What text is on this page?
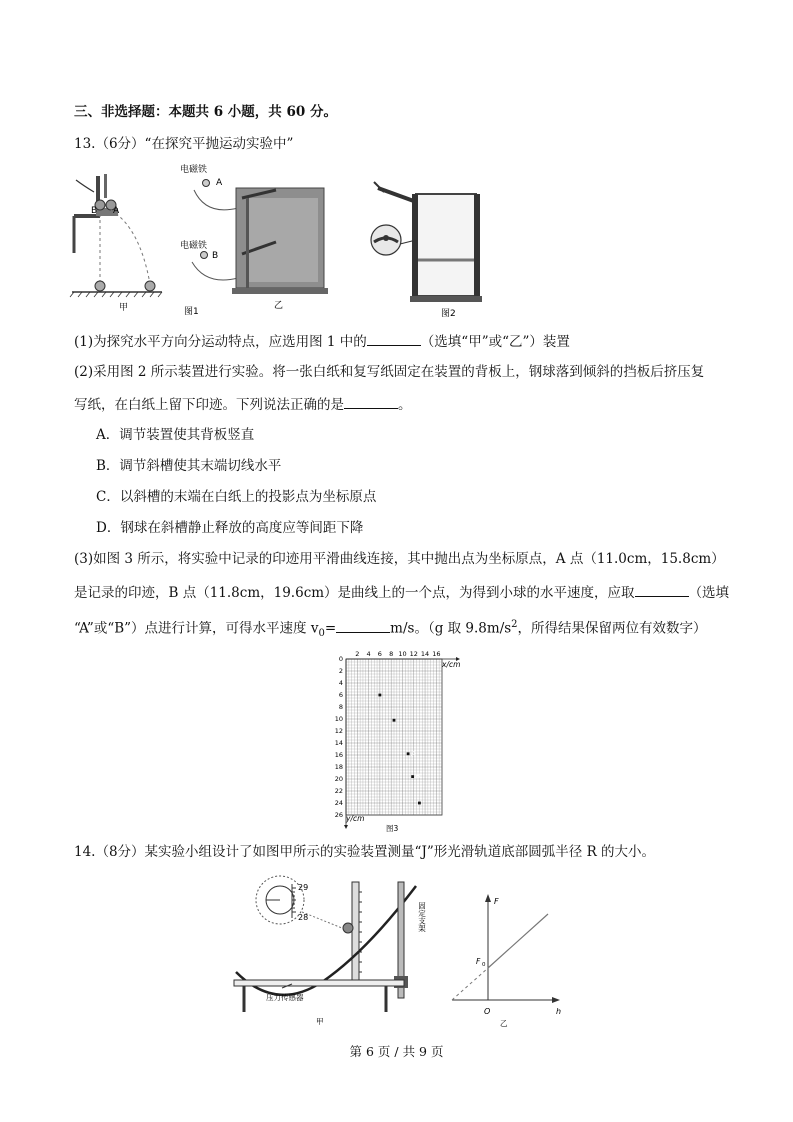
三、非选择题：本题共 6 小题，共 60 分。
13.（6分）“在探究平抛运动实验中”
B A
甲
电磁铁
A
电磁铁
B
乙
图1	图2
(1)为探究水平方向分运动特点，应选用图 1 中的	（选填“甲”或“乙”）装置
(2)采用图 2 所示装置进行实验。将一张白纸和复写纸固定在装置的背板上，钢球落到倾斜的挡板后挤压复
写纸，在白纸上留下印迹。下列说法正确的是	。
A．调节装置使其背板竖直
B．调节斜槽使其末端切线水平
C．以斜槽的末端在白纸上的投影点为坐标原点
D．钢球在斜槽静止释放的高度应等间距下降
(3)如图 3 所示，将实验中记录的印迹用平滑曲线连接，其中抛出点为坐标原点，A 点（11.0cm，15.8cm）
是记录的印迹，B 点（11.8cm，19.6cm）是曲线上的一个点，为得到小球的水平速度，应取	（选填
“A”或“B”）点进行计算，可得水平速度 $v_0=$	m/s。（g 取 $9.8m/s^2$，所得结果保留两位有效数字）
2 4 6 8 10 12 14 16
0
2
4
6
8
10
12
14
16
18
20
22
24
26
A
B
x/cm
y/cm
图3
14.（8分）某实验小组设计了如图甲所示的实验装置测量“J”形光滑轨道底部圆弧半径 R 的大小。
29
28	固定支架
压力传感器
甲
F
F 0
h
O
乙
第 6 页 / 共 9 页
